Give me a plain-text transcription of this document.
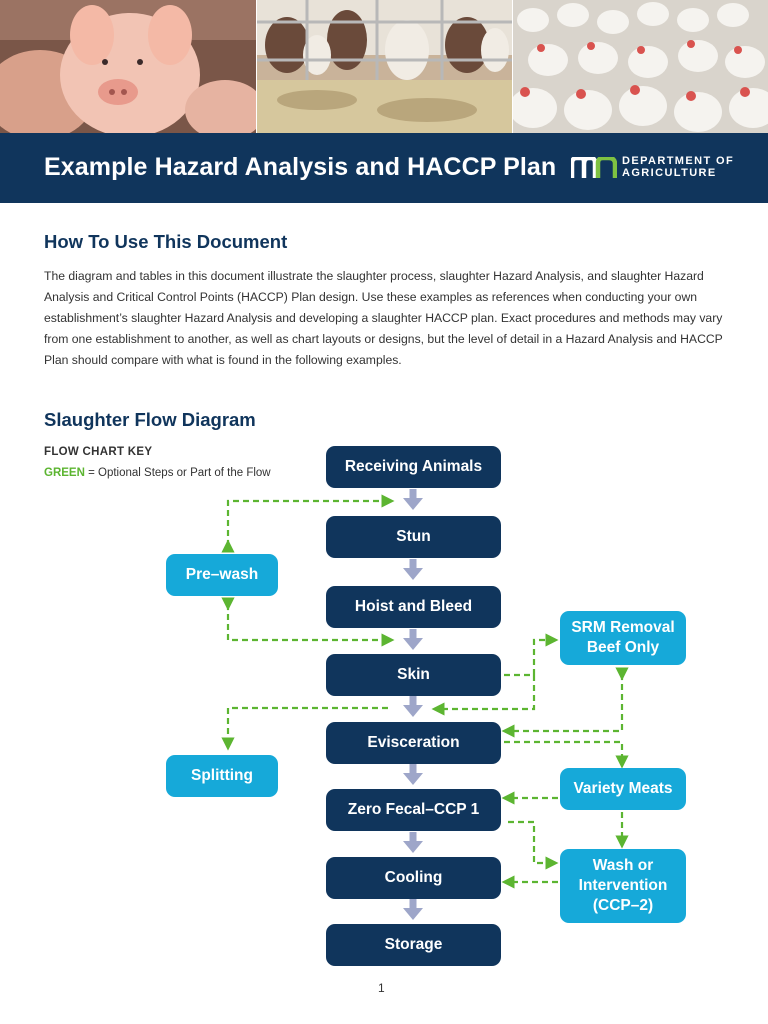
Example Hazard Analysis and HACCP Plan	DEPARTMENT OF
AGRICULTURE
How To Use This Document
The diagram and tables in this document illustrate the slaughter process, slaughter Hazard Analysis, and slaughter Hazard Analysis and Critical Control Points (HACCP) Plan design. Use these examples as references when conducting your own establishment’s slaughter Hazard Analysis and developing a slaughter HACCP plan. Exact procedures and methods may vary from one establishment to another, as well as chart layouts or designs, but the level of detail in a Hazard Analysis and HACCP Plan should compare with what is found in the following examples.
Slaughter Flow Diagram
FLOW CHART KEY
GREEN = Optional Steps or Part of the Flow	Receiving Animals
Stun
Hoist and Bleed
Skin
Evisceration
Zero Fecal–CCP 1
Cooling
Storage
Pre–wash
Splitting
SRM Removal
Beef Only
Variety Meats
Wash or
Intervention
(CCP–2)
1
